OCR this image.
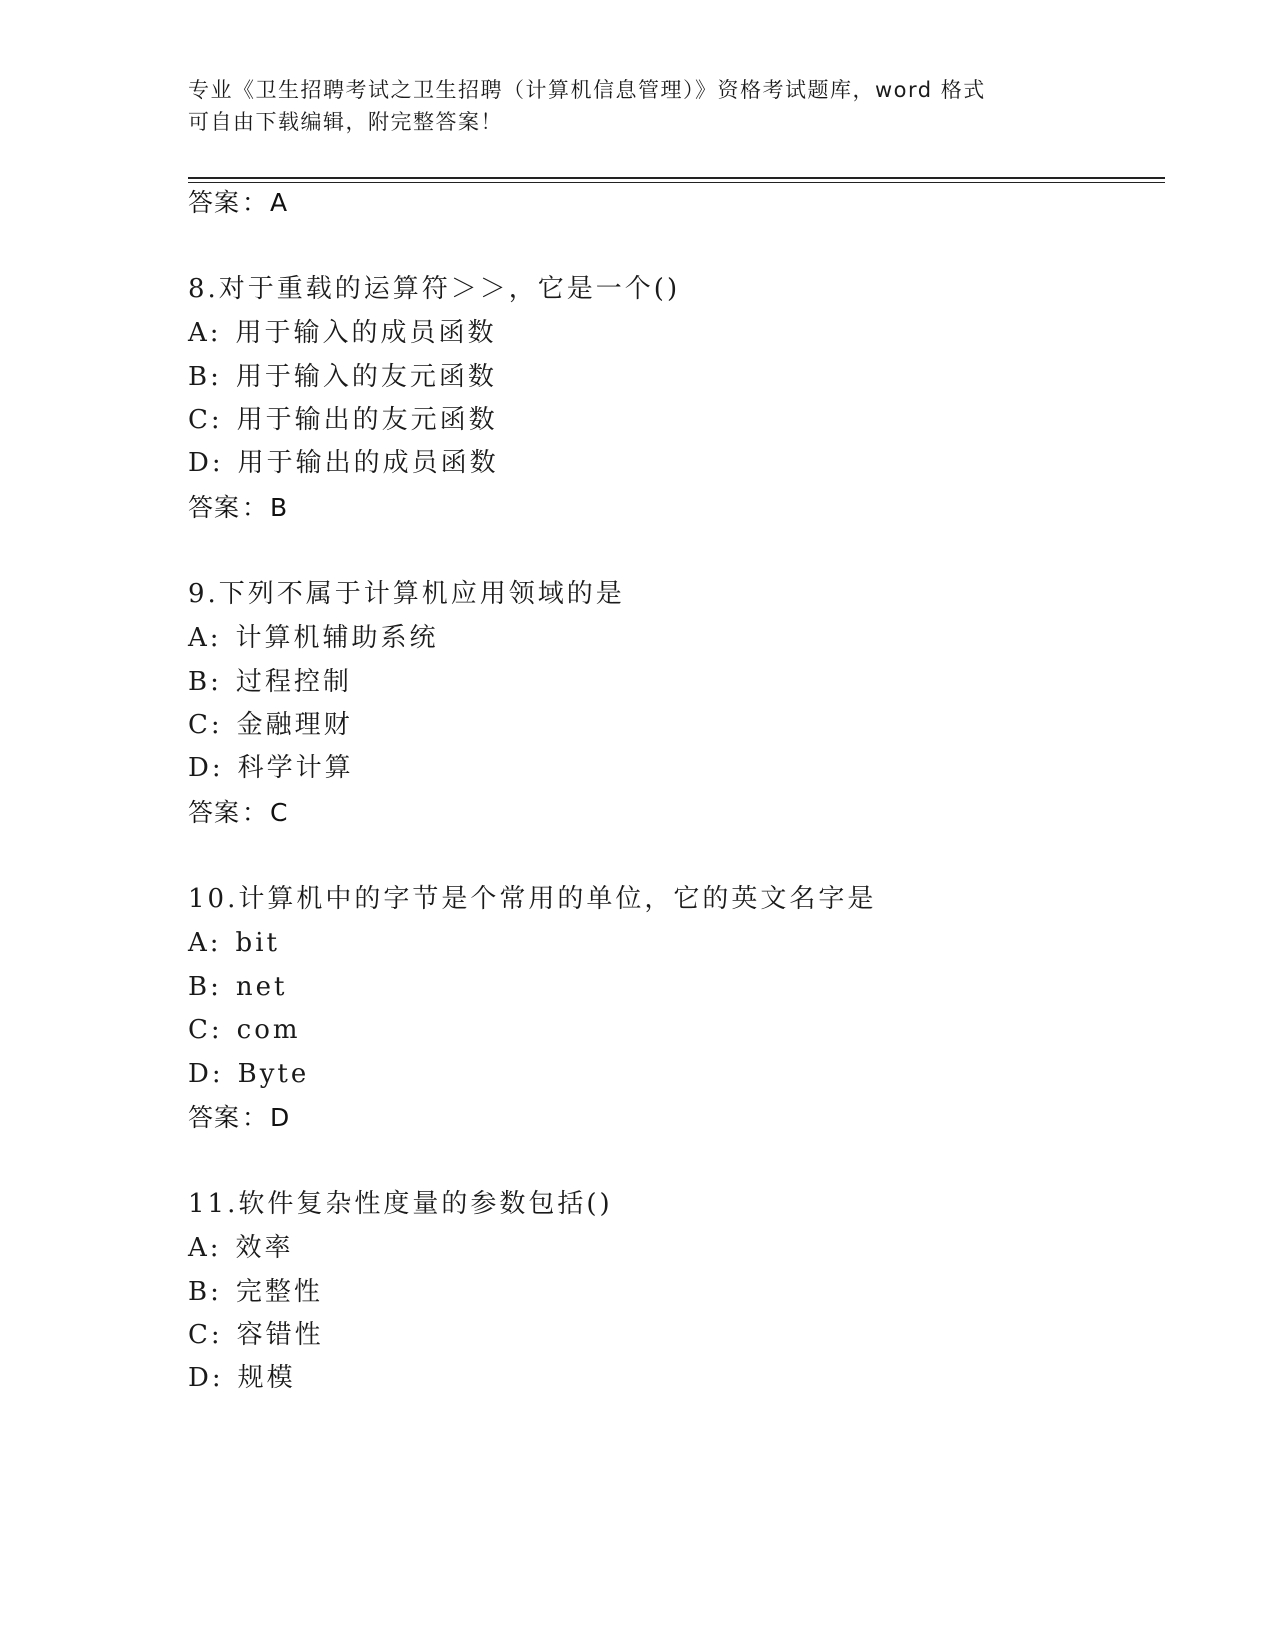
专业《卫生招聘考试之卫生招聘（计算机信息管理）》资格考试题库，word 格式
可自由下载编辑，附完整答案！
答案：A
8.对于重载的运算符＞＞，它是一个()
A: 用于输入的成员函数
B: 用于输入的友元函数
C: 用于输出的友元函数
D: 用于输出的成员函数
答案：B
9.下列不属于计算机应用领域的是
A: 计算机辅助系统
B: 过程控制
C: 金融理财
D: 科学计算
答案：C
10.计算机中的字节是个常用的单位，它的英文名字是
A: bit
B: net
C: com
D: Byte
答案：D
11.软件复杂性度量的参数包括()
A: 效率
B: 完整性
C: 容错性
D: 规模
